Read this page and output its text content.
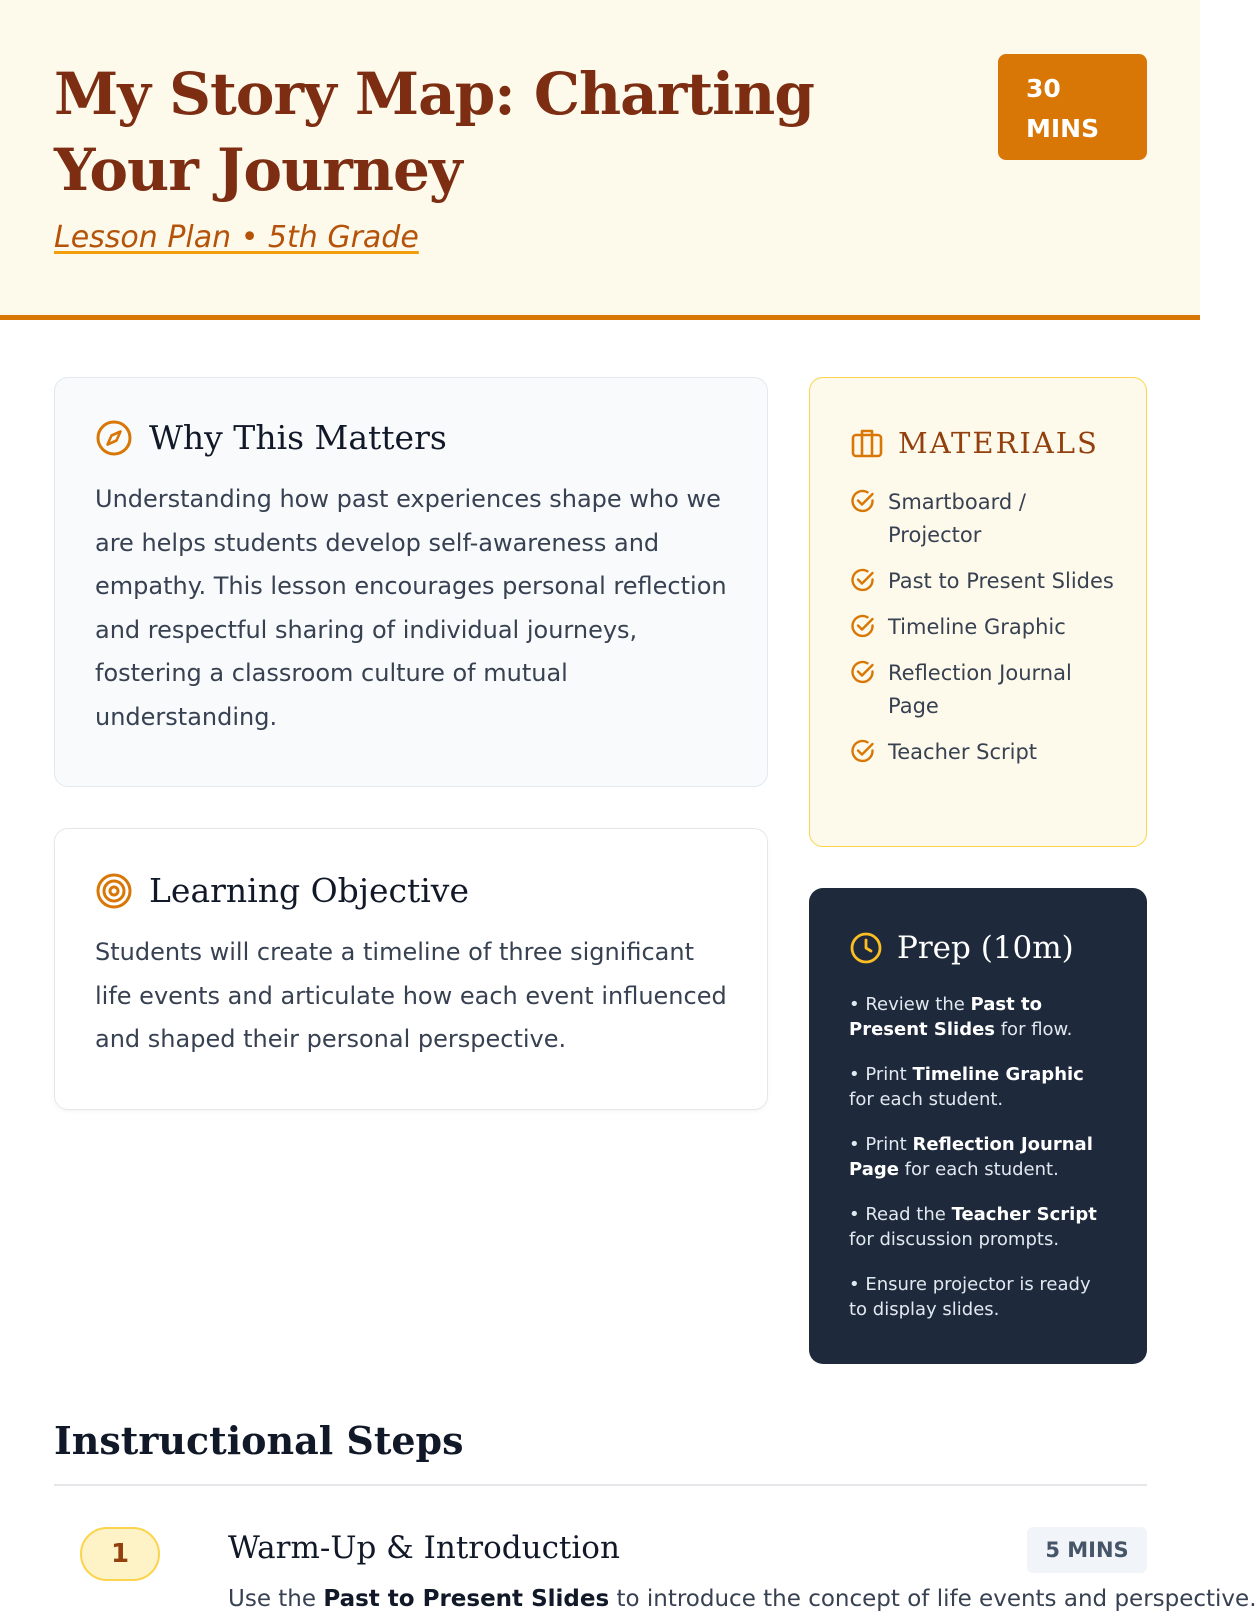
My Story Map: Charting Your Journey
Lesson Plan • 5th Grade
30
MINS
Why This Matters

Understanding how past experiences shape who we are helps students develop self-awareness and empathy. This lesson encourages personal reflection and respectful sharing of individual journeys, fostering a classroom culture of mutual understanding.

Learning Objective

Students will create a timeline of three significant life events and articulate how each event influenced and shaped their personal perspective.

MATERIALS
Smartboard / Projector
Past to Present Slides
Timeline Graphic
Reflection Journal Page
Teacher Script
Prep (10m)
• Review the Past to Present Slides for flow.
• Print Timeline Graphic for each student.
• Print Reflection Journal Page for each student.
• Read the Teacher Script for discussion prompts.
• Ensure projector is ready to display slides.
Instructional Steps
1	Warm-Up & Introduction	5 MINS
Use the Past to Present Slides to introduce the concept of life events and perspective.
